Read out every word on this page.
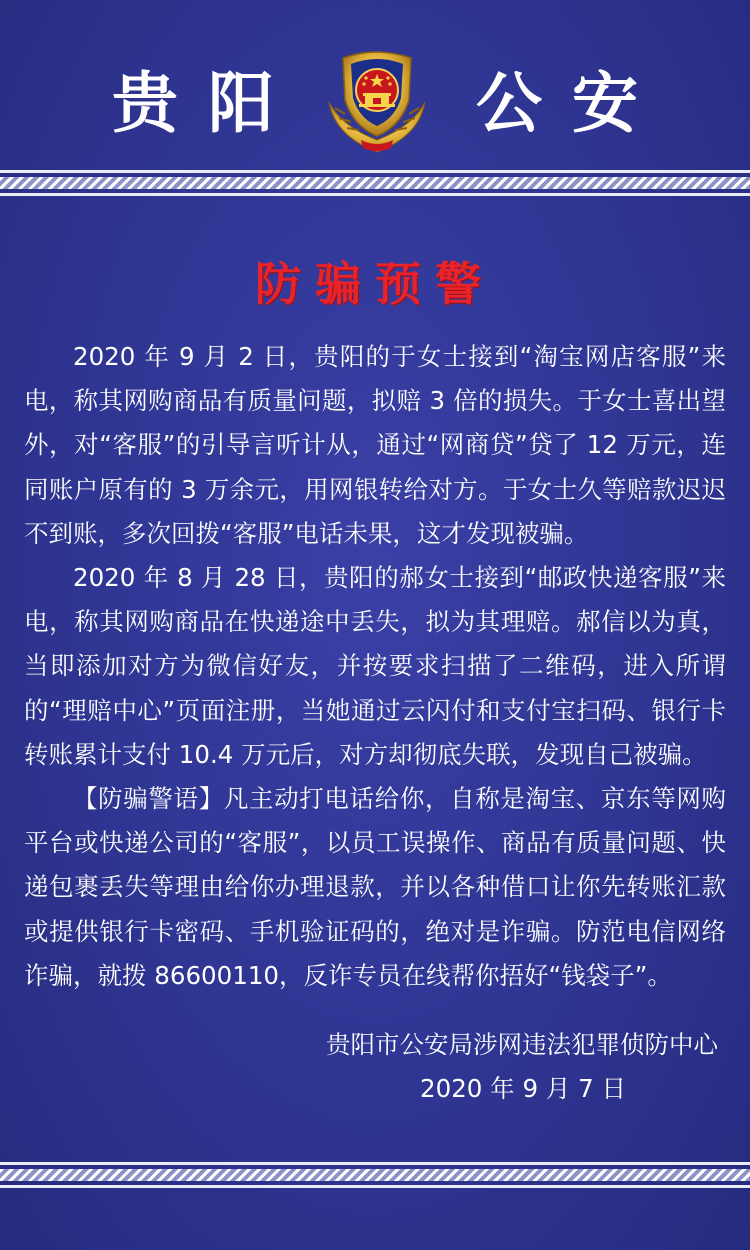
贵 阳	公 安
防骗预警

2020 年 9 月 2 日，贵阳的于女士接到“淘宝网店客服”来电，称其网购商品有质量问题，拟赔 3 倍的损失。于女士喜出望外，对“客服”的引导言听计从，通过“网商贷”贷了 12 万元，连同账户原有的 3 万余元，用网银转给对方。于女士久等赔款迟迟不到账，多次回拨“客服”电话未果，这才发现被骗。

2020 年 8 月 28 日，贵阳的郝女士接到“邮政快递客服”来电，称其网购商品在快递途中丢失，拟为其理赔。郝信以为真，当即添加对方为微信好友，并按要求扫描了二维码，进入所谓的“理赔中心”页面注册，当她通过云闪付和支付宝扫码、银行卡转账累计支付 10.4 万元后，对方却彻底失联，发现自己被骗。

【防骗警语】凡主动打电话给你，自称是淘宝、京东等网购平台或快递公司的“客服”，以员工误操作、商品有质量问题、快递包裹丢失等理由给你办理退款，并以各种借口让你先转账汇款或提供银行卡密码、手机验证码的，绝对是诈骗。防范电信网络诈骗，就拨 86600110，反诈专员在线帮你捂好“钱袋子”。

贵阳市公安局涉网违法犯罪侦防中心
2020 年 9 月 7 日
